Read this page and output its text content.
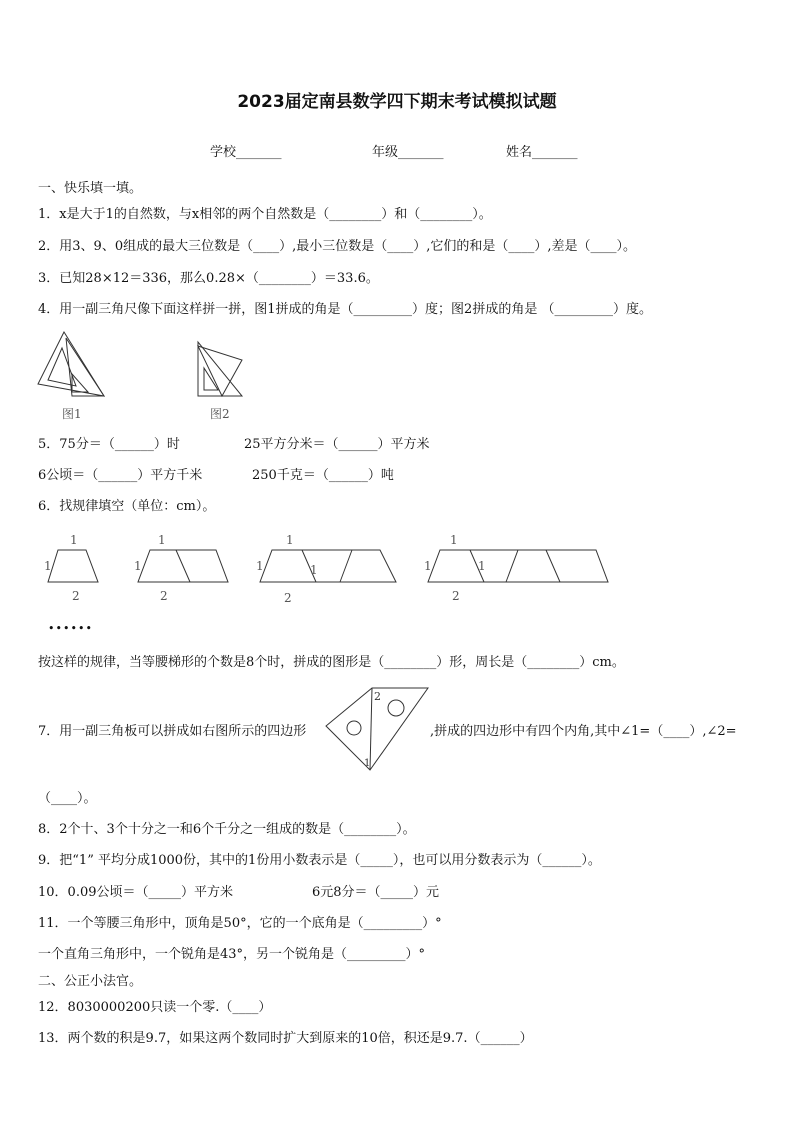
2023届定南县数学四下期末考试模拟试题
学校_______	年级_______	姓名_______
一、快乐填一填。
1．x是大于1的自然数，与x相邻的两个自然数是（________）和（________）。
2．用3、9、0组成的最大三位数是（____）,最小三位数是（____）,它们的和是（____）,差是（____）。
3．已知28×12＝336，那么0.28×（________）＝33.6。
4．用一副三角尺像下面这样拼一拼，图1拼成的角是（_________）度；图2拼成的角是 （_________）度。
图1	图2
5．75分＝（______）时	25平方分米＝（______）平方米
6公顷＝（______）平方千米	250千克＝（______）吨
6．找规律填空（单位：cm）。
1
1
2
1
1
2
1
1	1
2
1
1	1
2
••••••
按这样的规律，当等腰梯形的个数是8个时，拼成的图形是（________）形，周长是（________）cm。
7．用一副三角板可以拼成如右图所示的四边形
2
1
,拼成的四边形中有四个内角,其中∠1=（____）,∠2=
（____）。
8．2个十、3个十分之一和6个千分之一组成的数是（________）。
9．把“1” 平均分成1000份，其中的1份用小数表示是（_____），也可以用分数表示为（______）。
10．0.09公顷＝（_____）平方米	6元8分＝（_____）元
11．一个等腰三角形中，顶角是50°，它的一个底角是（_________）°
一个直角三角形中，一个锐角是43°，另一个锐角是（_________）°
二、公正小法官。
12．8030000200只读一个零.（____）
13．两个数的积是9.7，如果这两个数同时扩大到原来的10倍，积还是9.7.（______）
